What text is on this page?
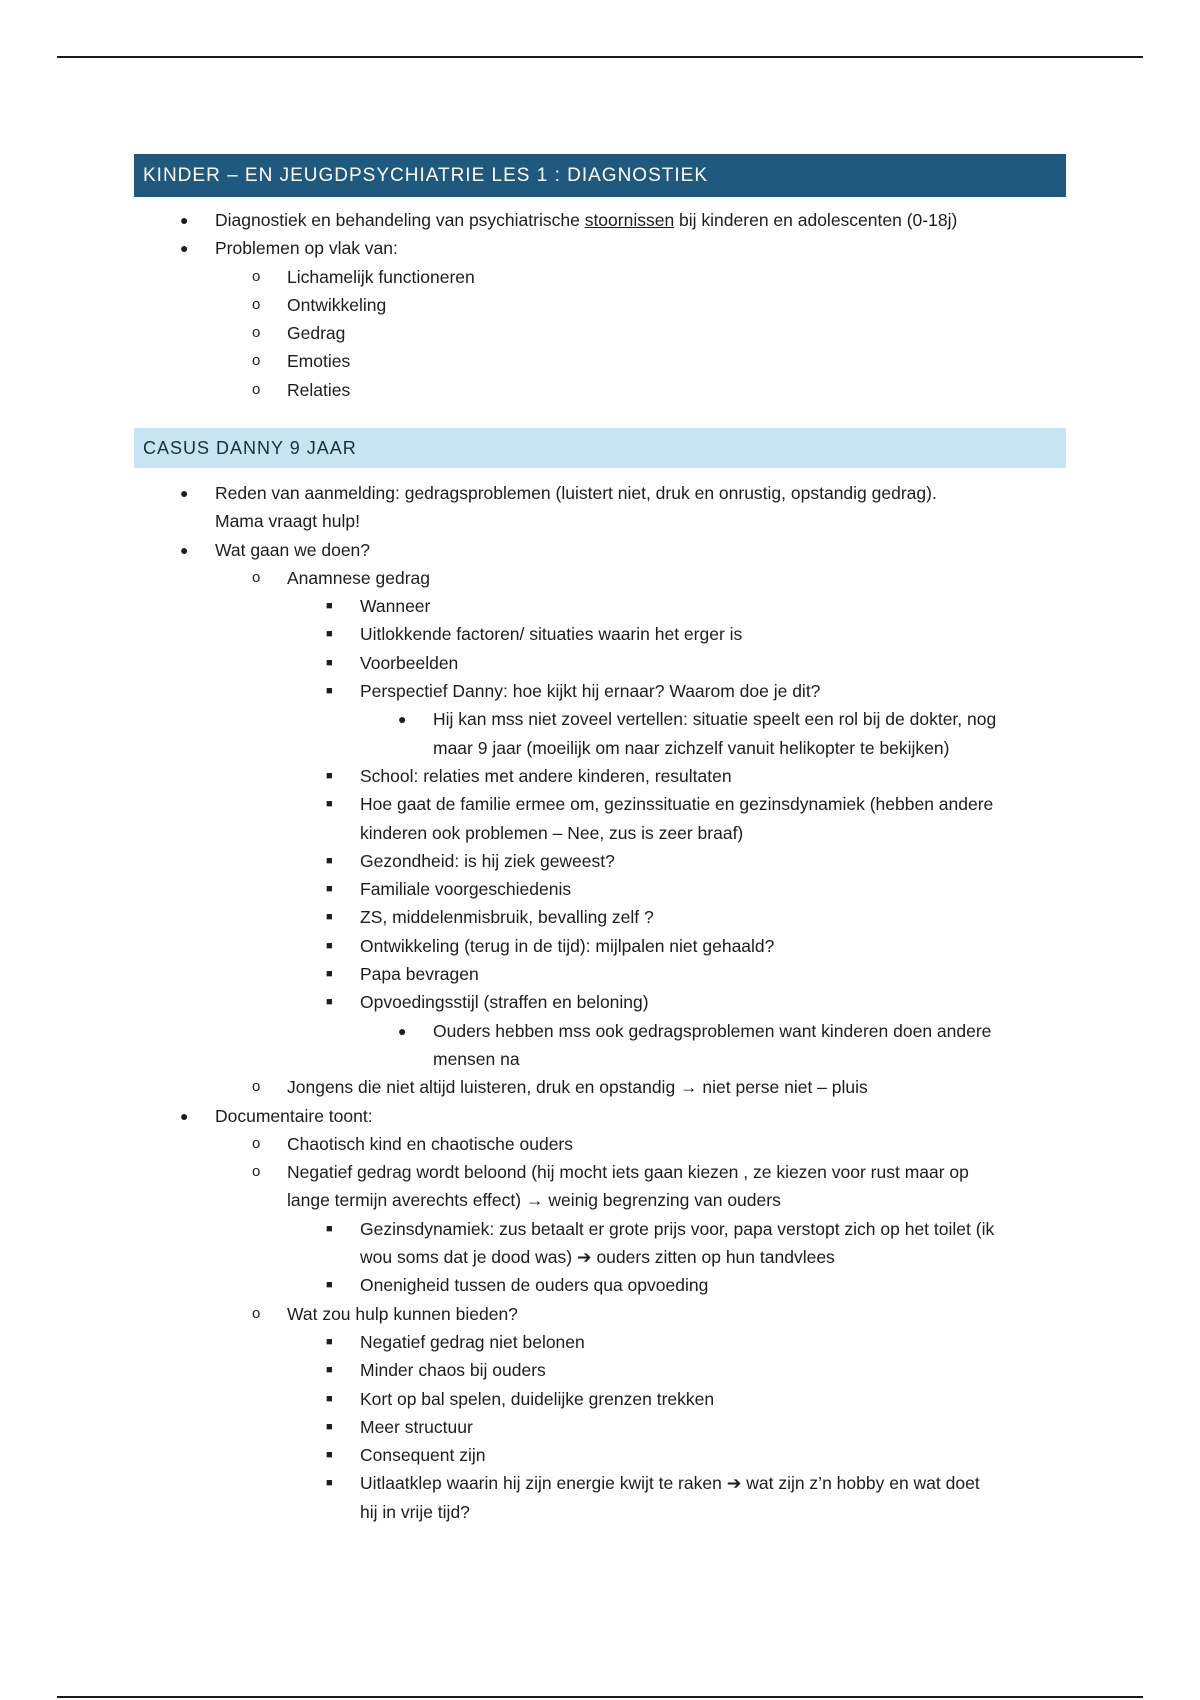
KINDER – EN JEUGDPSYCHIATRIE LES 1 : DIAGNOSTIEK
● Diagnostiek en behandeling van psychiatrische stoornissen bij kinderen en adolescenten (0-18j)
● Problemen op vlak van:
o Lichamelijk functioneren
o Ontwikkeling
o Gedrag
o Emoties
o Relaties
CASUS DANNY 9 JAAR
● Reden van aanmelding: gedragsproblemen (luistert niet, druk en onrustig, opstandig gedrag).
Mama vraagt hulp!
● Wat gaan we doen?
o Anamnese gedrag
■ Wanneer
■ Uitlokkende factoren/ situaties waarin het erger is
■ Voorbeelden
■ Perspectief Danny: hoe kijkt hij ernaar? Waarom doe je dit?
● Hij kan mss niet zoveel vertellen: situatie speelt een rol bij de dokter, nog
maar 9 jaar (moeilijk om naar zichzelf vanuit helikopter te bekijken)
■ School: relaties met andere kinderen, resultaten
■ Hoe gaat de familie ermee om, gezinssituatie en gezinsdynamiek (hebben andere
kinderen ook problemen – Nee, zus is zeer braaf)
■ Gezondheid: is hij ziek geweest?
■ Familiale voorgeschiedenis
■ ZS, middelenmisbruik, bevalling zelf ?
■ Ontwikkeling (terug in de tijd): mijlpalen niet gehaald?
■ Papa bevragen
■ Opvoedingsstijl (straffen en beloning)
● Ouders hebben mss ook gedragsproblemen want kinderen doen andere
mensen na
o Jongens die niet altijd luisteren, druk en opstandig → niet perse niet – pluis
● Documentaire toont:
o Chaotisch kind en chaotische ouders
o Negatief gedrag wordt beloond (hij mocht iets gaan kiezen , ze kiezen voor rust maar op
lange termijn averechts effect) → weinig begrenzing van ouders
■ Gezinsdynamiek: zus betaalt er grote prijs voor, papa verstopt zich op het toilet (ik
wou soms dat je dood was) ➔ ouders zitten op hun tandvlees
■ Onenigheid tussen de ouders qua opvoeding
o Wat zou hulp kunnen bieden?
■ Negatief gedrag niet belonen
■ Minder chaos bij ouders
■ Kort op bal spelen, duidelijke grenzen trekken
■ Meer structuur
■ Consequent zijn
■ Uitlaatklep waarin hij zijn energie kwijt te raken ➔ wat zijn z’n hobby en wat doet
hij in vrije tijd?
